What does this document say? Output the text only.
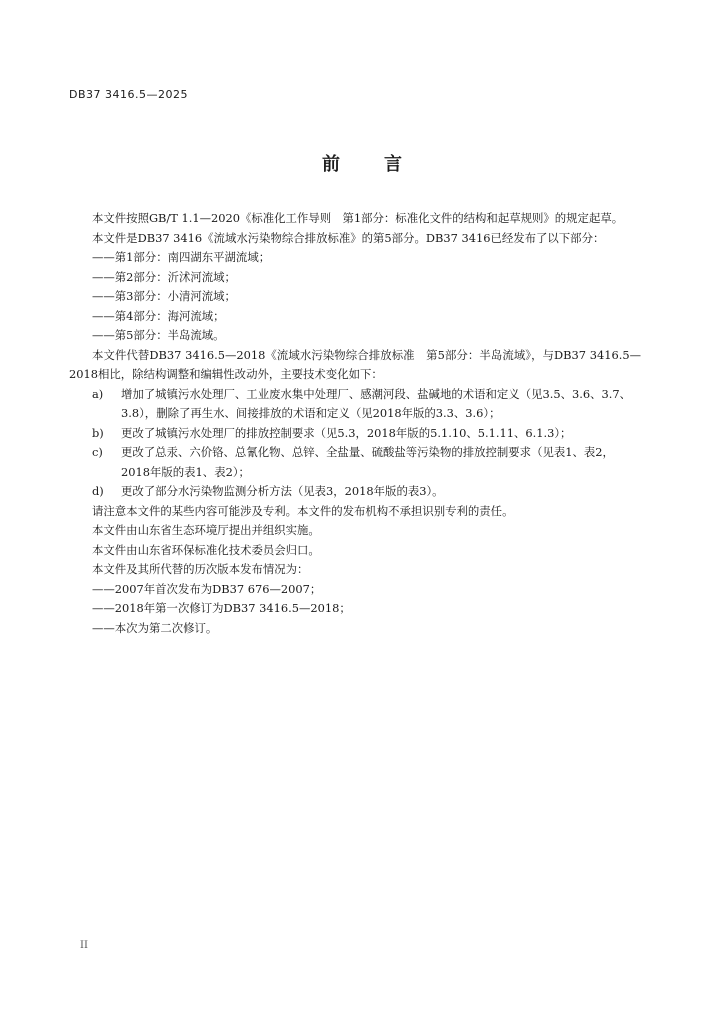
DB37 3416.5—2025
前言
本文件按照GB/T 1.1—2020《标准化工作导则　第1部分：标准化文件的结构和起草规则》的规定起草。
本文件是DB37 3416《流域水污染物综合排放标准》的第5部分。DB37 3416已经发布了以下部分：
——第1部分：南四湖东平湖流域；
——第2部分：沂沭河流域；
——第3部分：小清河流域；
——第4部分：海河流域；
——第5部分：半岛流域。
本文件代替DB37 3416.5—2018《流域水污染物综合排放标准　第5部分：半岛流域》，与DB37 3416.5—2018相比，除结构调整和编辑性改动外，主要技术变化如下：
a) 增加了城镇污水处理厂、工业废水集中处理厂、感潮河段、盐碱地的术语和定义（见3.5、3.6、3.7、3.8），删除了再生水、间接排放的术语和定义（见2018年版的3.3、3.6）；
b) 更改了城镇污水处理厂的排放控制要求（见5.3，2018年版的5.1.10、5.1.11、6.1.3）；
c) 更改了总汞、六价铬、总氰化物、总锌、全盐量、硫酸盐等污染物的排放控制要求（见表1、表2，2018年版的表1、表2）；
d) 更改了部分水污染物监测分析方法（见表3，2018年版的表3）。
请注意本文件的某些内容可能涉及专利。本文件的发布机构不承担识别专利的责任。
本文件由山东省生态环境厅提出并组织实施。
本文件由山东省环保标准化技术委员会归口。
本文件及其所代替的历次版本发布情况为：
——2007年首次发布为DB37 676—2007；
——2018年第一次修订为DB37 3416.5—2018；
——本次为第二次修订。
II
